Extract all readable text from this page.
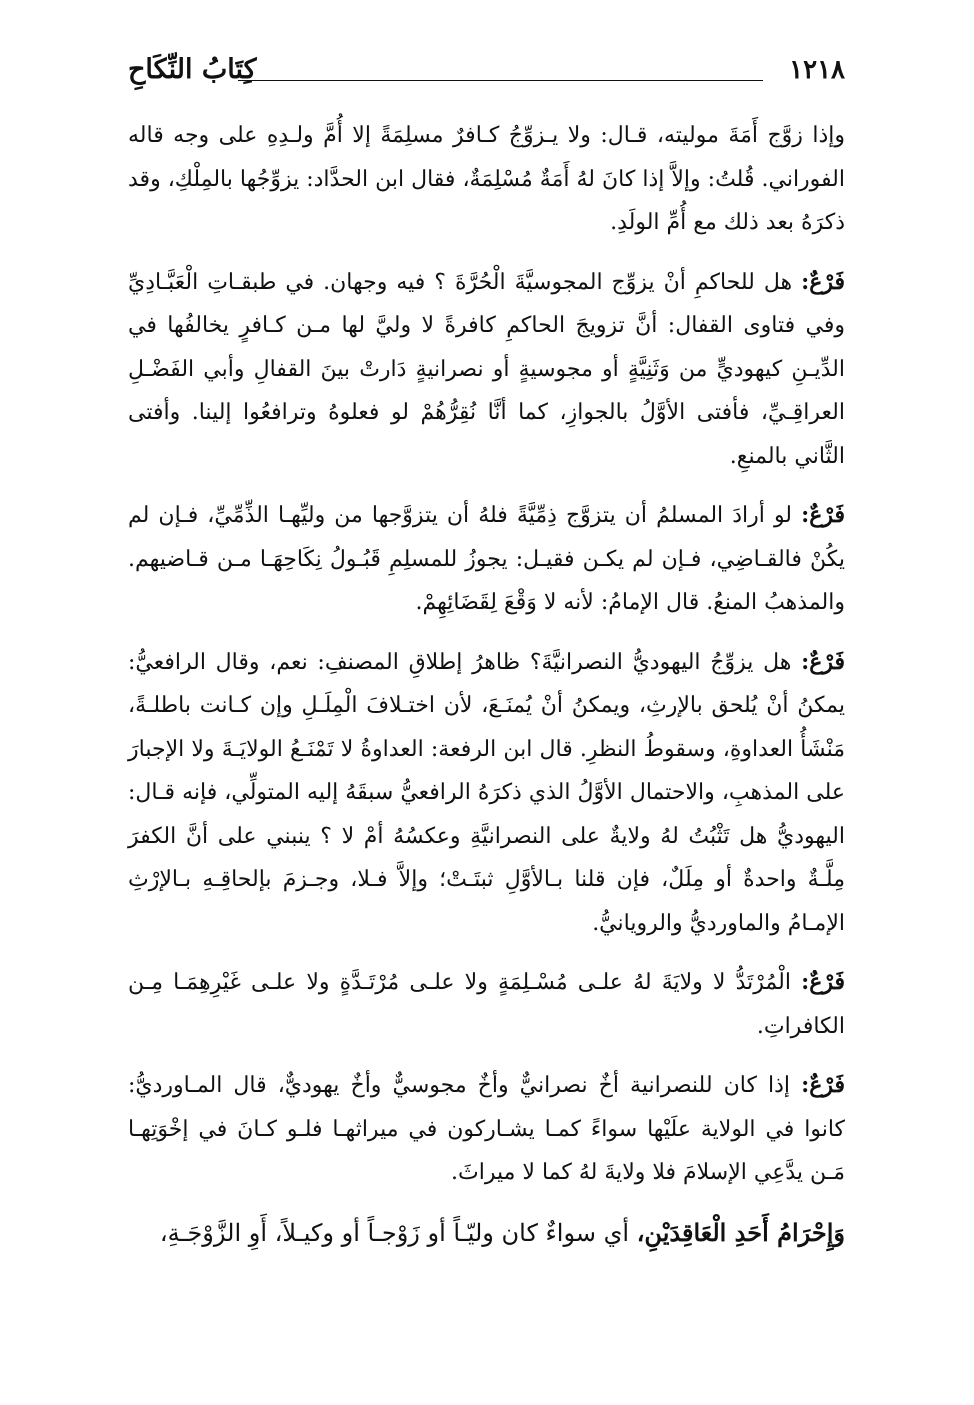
١٢١٨
كِتَابُ النِّكَاحِ

وإذا زوَّج أَمَةَ موليته، قـال: ولا يـزوِّجُ كـافرٌ مسلِمَةً إلا أُمَّ ولـدِهِ على وجه قاله الفوراني. قُلتُ: وإلاَّ إذا كانَ لهُ أَمَةٌ مُسْلِمَةٌ، فقال ابن الحدَّاد: يزوِّجُها بالمِلْكِ، وقد ذكرَهُ بعد ذلك مع أُمِّ الولَدِ.

فَرْعٌ: هل للحاكمِ أنْ يزوِّج المجوسيَّةَ الْحُرَّةَ ؟ فيه وجهان. في طبقـاتِ الْعَبَّـادِيِّ وفي فتاوى القفال: أنَّ تزويجَ الحاكمِ كافرةً لا وليَّ لها مـن كـافرٍ يخالفُها في الدِّيـنِ كيهوديٍّ من وَثَنِيَّةٍ أو مجوسيةٍ أو نصرانيةٍ دَارتْ بينَ القفالِ وأبي الفَضْـلِ العراقِـيِّ، فأفتى الأوَّلُ بالجوازِ، كما أنَّا نُقِرُّهُمْ لو فعلوهُ وترافعُوا إلينا. وأفتى الثَّاني بالمنعِ.

فَرْعٌ: لو أرادَ المسلمُ أن يتزوَّج ذِمِّيَّةً فلهُ أن يتزوَّجها من وليِّهـا الذِّمِّيِّ، فـإن لم يكُنْ فالقـاضِي، فـإن لم يكـن فقيـل: يجوزُ للمسلِمِ قَبُـولُ نِكَاحِهَـا مـن قـاضيهم. والمذهبُ المنعُ. قال الإمامُ: لأنه لا وَقْعَ لِقَضَائِهِمْ.

فَرْعٌ: هل يزوِّجُ اليهوديُّ النصرانيَّةَ؟ ظاهرُ إطلاقِ المصنفِ: نعم، وقال الرافعيُّ: يمكنُ أنْ يُلحق بالإرثِ، ويمكنُ أنْ يُمنَـعَ، لأن اختـلافَ الْمِلَـلِ وإن كـانت باطلـةً، مَنْشَأُ العداوةِ، وسقوطُ النظرِ. قال ابن الرفعة: العداوةُ لا تَمْنَـعُ الولايَـةَ ولا الإجبارَ على المذهبِ، والاحتمال الأوَّلُ الذي ذكرَهُ الرافعيُّ سبقَهُ إليه المتولِّي، فإنه قـال: اليهوديُّ هل تَثْبُتُ لهُ ولايةٌ على النصرانيَّةِ وعكسُهُ أمْ لا ؟ ينبني على أنَّ الكفرَ مِلَّـةٌ واحدةٌ أو مِلَلٌ، فإن قلنا بـالأوَّلِ ثبتَـتْ؛ وإلاَّ فـلا، وجـزمَ بإلحاقِـهِ بـالإرْثِ الإمـامُ والماورديُّ والرويانيُّ.

فَرْعٌ: الْمُرْتَدُّ لا ولايَةَ لهُ علـى مُسْـلِمَةٍ ولا علـى مُرْتَـدَّةٍ ولا علـى غَيْرِهِمَـا مِـن الكافراتِ.

فَرْعٌ: إذا كان للنصرانية أخٌ نصرانيٌّ وأخٌ مجوسيٌّ وأخٌ يهوديٌّ، قال المـاورديُّ: كانوا في الولاية علَيْها سواءً كمـا يشـاركون في ميراثهـا فلـو كـانَ في إخْوَتِهـا مَـن يدَّعِي الإسلامَ فلا ولايةَ لهُ كما لا ميراثَ.

وَإِحْرَامُ أَحَدِ الْعَاقِدَيْنِ، أي سواءٌ كان وليّـاً أو زَوْجـاً أو وكيـلاً، أَوِ الزَّوْجَـةِ،
